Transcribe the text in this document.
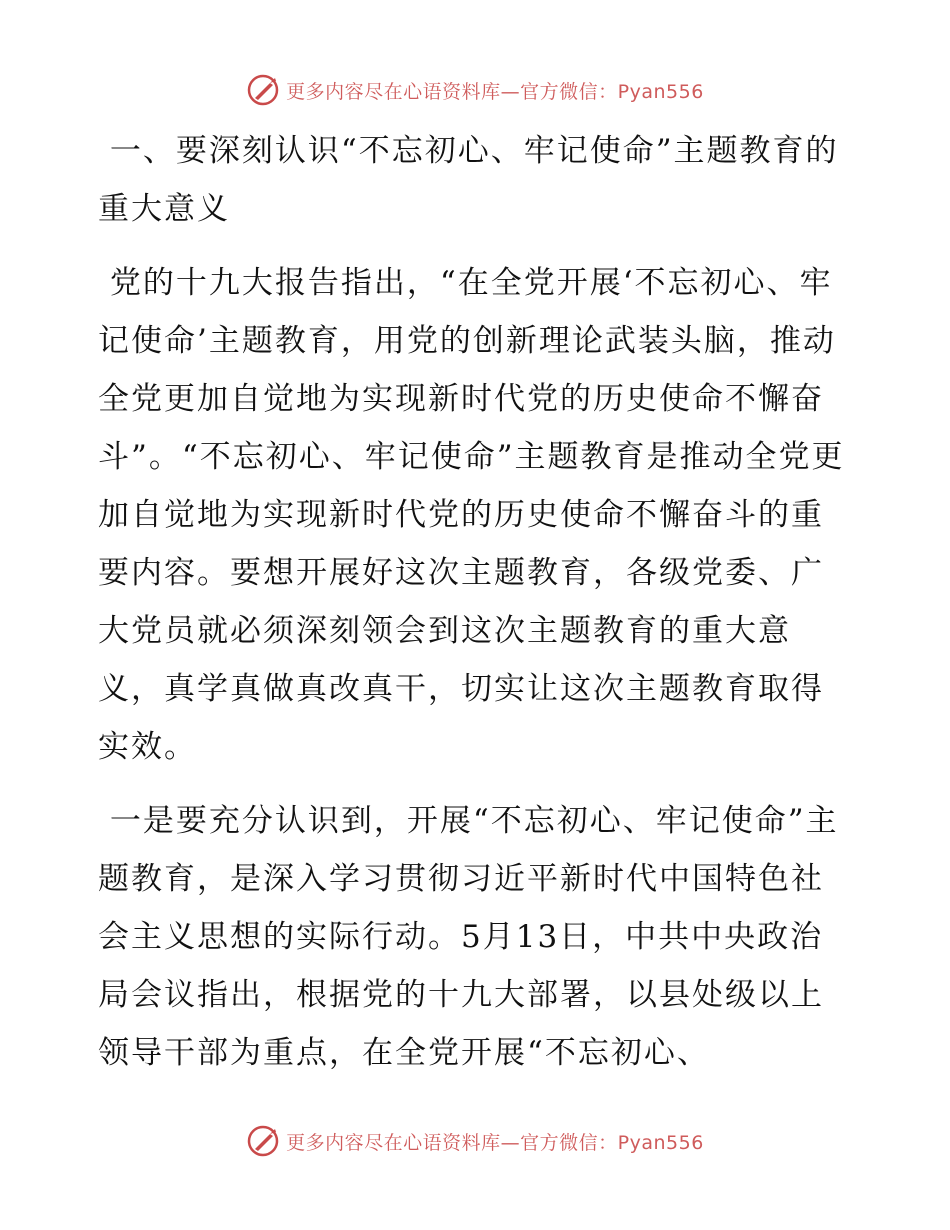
更多内容尽在心语资料库—官方微信：Pyan556

一、要深刻认识“不忘初心、牢记使命”主题教育的重大意义

党的十九大报告指出，“在全党开展‘不忘初心、牢记使命’主题教育，用党的创新理论武装头脑，推动全党更加自觉地为实现新时代党的历史使命不懈奋斗”。“不忘初心、牢记使命”主题教育是推动全党更加自觉地为实现新时代党的历史使命不懈奋斗的重要内容。要想开展好这次主题教育，各级党委、广大党员就必须深刻领会到这次主题教育的重大意义，真学真做真改真干，切实让这次主题教育取得实效。

一是要充分认识到，开展“不忘初心、牢记使命”主题教育，是深入学习贯彻习近平新时代中国特色社会主义思想的实际行动。5月13日，中共中央政治局会议指出，根据党的十九大部署，以县处级以上领导干部为重点，在全党开展“不忘初心、

更多内容尽在心语资料库—官方微信：Pyan556
